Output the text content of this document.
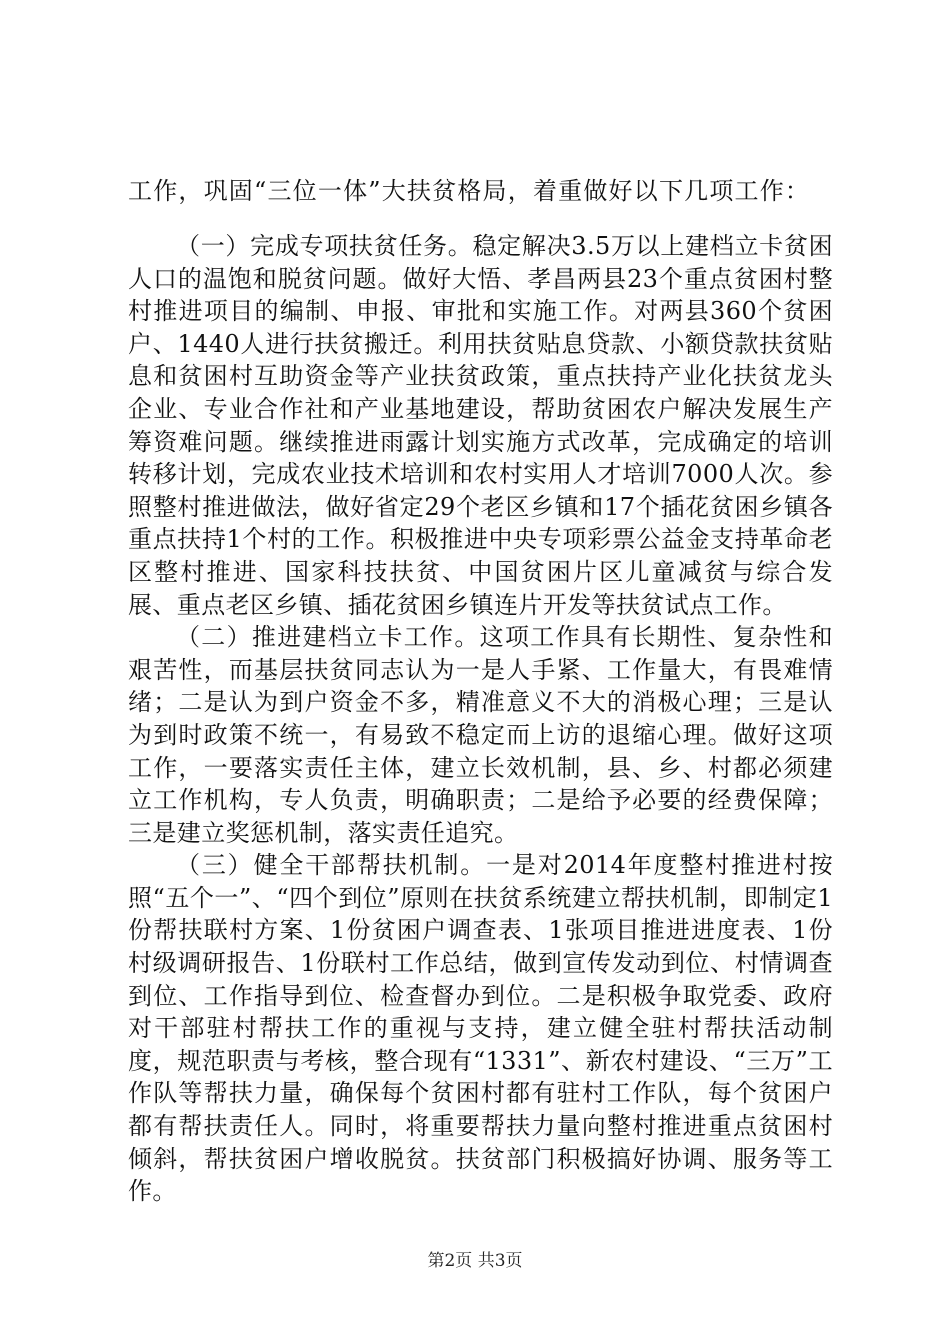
工作，巩固“三位一体”大扶贫格局，着重做好以下几项工作：

（一）完成专项扶贫任务。稳定解决3.5万以上建档立卡贫困人口的温饱和脱贫问题。做好大悟、孝昌两县23个重点贫困村整村推进项目的编制、申报、审批和实施工作。对两县360个贫困户、1440人进行扶贫搬迁。利用扶贫贴息贷款、小额贷款扶贫贴息和贫困村互助资金等产业扶贫政策，重点扶持产业化扶贫龙头企业、专业合作社和产业基地建设，帮助贫困农户解决发展生产筹资难问题。继续推进雨露计划实施方式改革，完成确定的培训转移计划，完成农业技术培训和农村实用人才培训7000人次。参照整村推进做法，做好省定29个老区乡镇和17个插花贫困乡镇各重点扶持1个村的工作。积极推进中央专项彩票公益金支持革命老区整村推进、国家科技扶贫、中国贫困片区儿童减贫与综合发展、重点老区乡镇、插花贫困乡镇连片开发等扶贫试点工作。

（二）推进建档立卡工作。这项工作具有长期性、复杂性和艰苦性，而基层扶贫同志认为一是人手紧、工作量大，有畏难情绪；二是认为到户资金不多，精准意义不大的消极心理；三是认为到时政策不统一，有易致不稳定而上访的退缩心理。做好这项工作，一要落实责任主体，建立长效机制，县、乡、村都必须建立工作机构，专人负责，明确职责；二是给予必要的经费保障；三是建立奖惩机制，落实责任追究。

（三）健全干部帮扶机制。一是对2014年度整村推进村按照“五个一”、“四个到位”原则在扶贫系统建立帮扶机制，即制定1份帮扶联村方案、1份贫困户调查表、1张项目推进进度表、1份村级调研报告、1份联村工作总结，做到宣传发动到位、村情调查到位、工作指导到位、检查督办到位。二是积极争取党委、政府对干部驻村帮扶工作的重视与支持，建立健全驻村帮扶活动制度，规范职责与考核，整合现有“1331”、新农村建设、“三万”工作队等帮扶力量，确保每个贫困村都有驻村工作队，每个贫困户都有帮扶责任人。同时，将重要帮扶力量向整村推进重点贫困村倾斜，帮扶贫困户增收脱贫。扶贫部门积极搞好协调、服务等工作。

第2页 共3页
